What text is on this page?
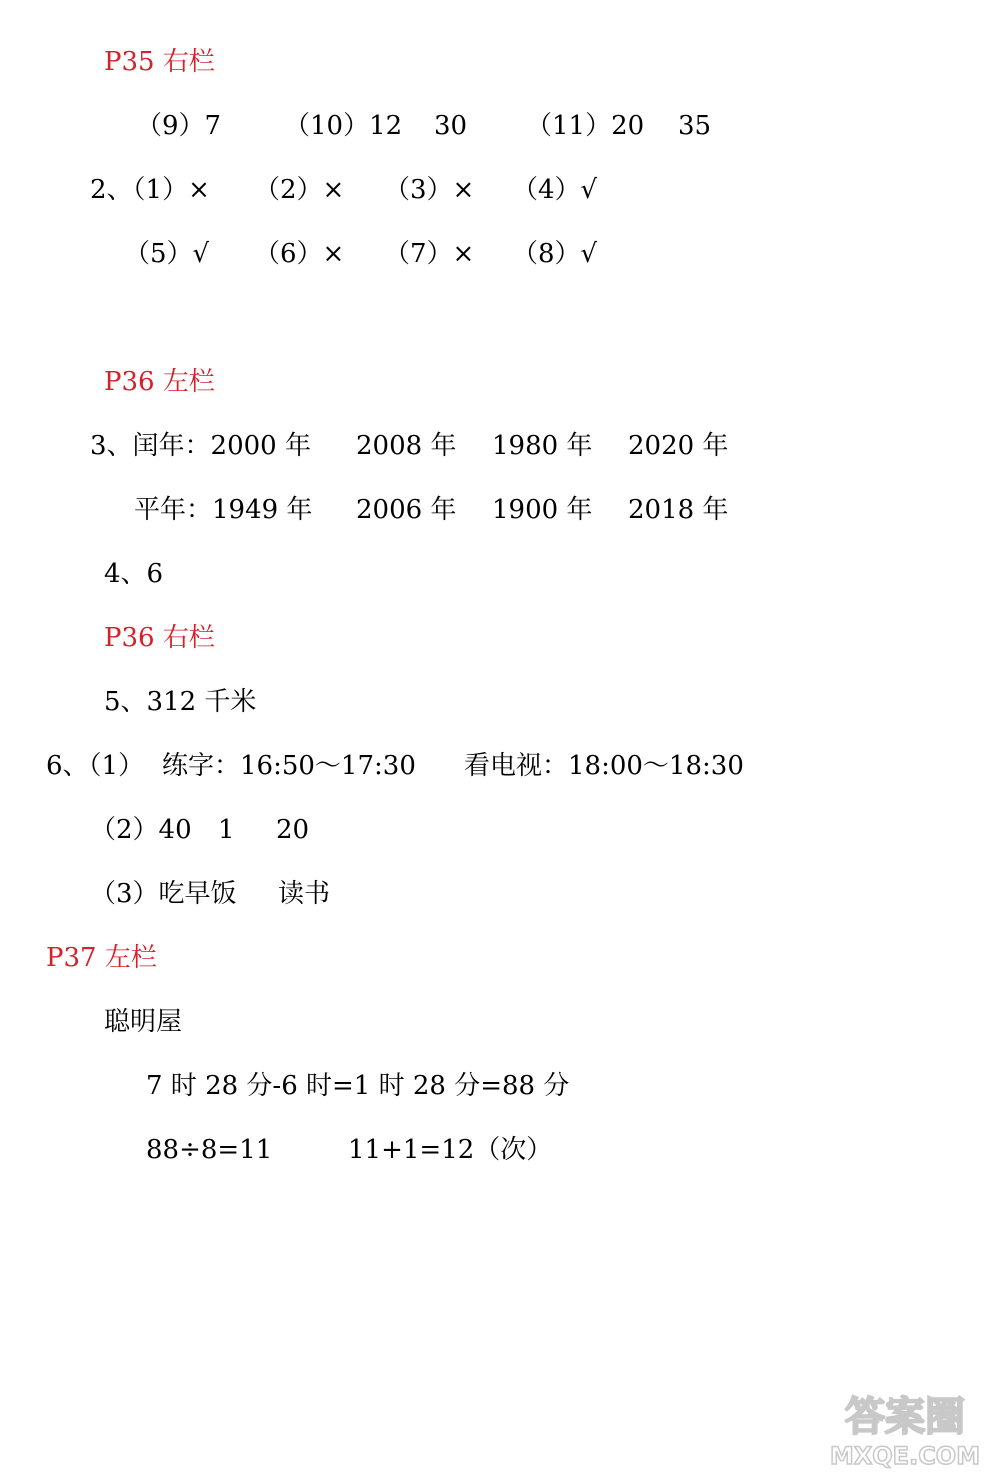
P35 右栏
（9）7 （10）12 30 （11）20 35
2、（1）× （2）× （3）× （4）√
（5）√ （6）× （7）× （8）√
P36 左栏
3、闰年：2000 年 2008 年 1980 年 2020 年
平年：1949 年 2006 年 1900 年 2018 年
4、6
P36 右栏
5、312 千米
6、（1） 练字：16:50～17:30 看电视：18:00～18:30
（2）40 1 20
（3）吃早饭 读书
P37 左栏
聪明屋
7 时 28 分-6 时=1 时 28 分=88 分
88÷8=11	11+1=12（次）
答案圈
MXQE.COM
